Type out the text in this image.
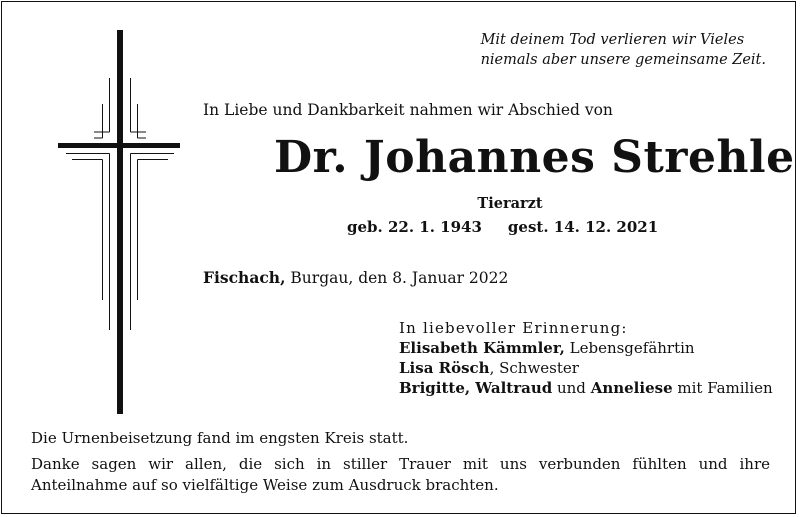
Mit deinem Tod verlieren wir Vieles
niemals aber unsere gemeinsame Zeit.
In Liebe und Dankbarkeit nahmen wir Abschied von
Dr. Johannes Strehle
Tierarzt
geb. 22. 1. 1943 gest. 14. 12. 2021
Fischach, Burgau, den 8. Januar 2022
In liebevoller Erinnerung:
Elisabeth Kämmler, Lebensgefährtin
Lisa Rösch, Schwester
Brigitte, Waltraud und Anneliese mit Familien
Die Urnenbeisetzung fand im engsten Kreis statt.
Danke sagen wir allen, die sich in stiller Trauer mit uns verbunden fühlten und ihre Anteilnahme auf so vielfältige Weise zum Ausdruck brachten.
